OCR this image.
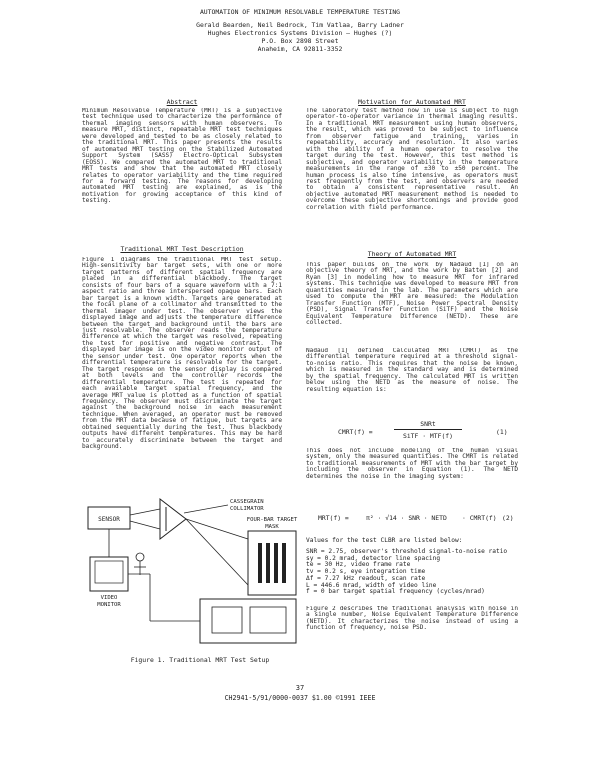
AUTOMATION OF MINIMUM RESOLVABLE TEMPERATURE TESTING
Gerald Bearden, Neil Bedrock, Tim Vatlaa, Barry Ladner
Hughes Electronics Systems Division – Hughes (?)
P.O. Box 2898 Street
Anaheim, CA 92811-3352
Abstract
Minimum Resolvable Temperature (MRT) is a subjective test technique used to characterize the performance of thermal imaging sensors with human observers. To measure MRT, distinct, repeatable MRT test techniques were developed and tested to be as closely related to the traditional MRT. This paper presents the results of automated MRT testing on the Stabilized Automated Support System (SASS) Electro-Optical Subsystem (EOSS). We compared the automated MRT to traditional MRT tests and show that the automated MRT closely relates to operator variability and the time required for a forward testing. The reasons for developing automated MRT testing are explained, as is the motivation for growing acceptance of this kind of testing.
Traditional MRT Test Description
Figure 1 diagrams the traditional MRT test setup. High-sensitivity bar target sets, with one or more target patterns of different spatial frequency are placed in a differential blackbody. The target consists of four bars of a square waveform with a 7:1 aspect ratio and three interspersed opaque bars. Each bar target is a known width. Targets are generated at the focal plane of a collimator and transmitted to the thermal imager under test. The observer views the displayed image and adjusts the temperature difference between the target and background until the bars are just resolvable. The observer reads the temperature difference at which the target was resolved, repeating the test for positive and negative contrast. The displayed bar image is on the video monitor output of the sensor under test. One operator reports when the differential temperature is resolvable for the target. The target response on the sensor display is compared at both levels and the controller records the differential temperature. The test is repeated for each available target spatial frequency, and the average MRT value is plotted as a function of spatial frequency. The observer must discriminate the target against the background noise in each measurement technique. When averaged, an operator must be removed from the MRT data because of fatigue, but targets are obtained sequentially during the test. Thus blackbody outputs have different temperatures. This may be hard to accurately discriminate between the target and background.
SENSOR
CASSEGRAIN
COLLIMATOR
FOUR-BAR TARGET
MASK
VIDEO
MONITOR
Figure 1. Traditional MRT Test Setup
Motivation for Automated MRT
The laboratory test method now in use is subject to high operator-to-operator variance in thermal imaging results. In a traditional MRT measurement using human observers, the result, which was proved to be subject to influence from observer fatigue and training, varies in repeatability, accuracy and resolution. It also varies with the ability of a human operator to resolve the target during the test. However, this test method is subjective, and operator variability in the temperature measurements in the range of ±30 to ±50 percent. The human process is also time intensive, as operators must rest frequently from the test, and observers are needed to obtain a consistent representative result. An objective automated MRT measurement method is needed to overcome these subjective shortcomings and provide good correlation with field performance.
Theory of Automated MRT
This paper builds on the work by Nadaud [1] on an objective theory of MRT, and the work by Batten [2] and Ryan [3] in modeling how to measure MRT for infrared systems. This technique was developed to measure MRT from quantities measured in the lab. The parameters which are used to compute the MRT are measured: the Modulation Transfer Function (MTF), Noise Power Spectral Density (PSD), Signal Transfer Function (SiTF) and the Noise Equivalent Temperature Difference (NETD). These are collected.
Nadaud [1] defined Calculated MRT (CMRT) as the differential temperature required at a threshold signal-to-noise ratio. This requires that the noise be known, which is measured in the standard way and is determined by the spatial frequency. The calculated MRT is written below using the NETD as the measure of noise. The resulting equation is:
CMRT(f) =
SNRt
SiTF · MTF(f)	(1)
This does not include modeling of the human visual system, only the measured quantities. The CMRT is related to traditional measurements of MRT with the bar target by including the observer in Equation (1). The NETD determines the noise in the imaging system:
MRT(f) =	π² · √14 · SNR · NETD · CMRT(f) (2)
Values for the test CLBR are listed below:
SNR = 2.75, observer's threshold signal-to-noise ratio
sy = 0.2 mrad, detector line spacing
te = 30 Hz, video frame rate
tv = 0.2 s, eye integration time
Δf = 7.27 kHz readout, scan rate
L = 446.6 mrad, width of video line
f = 0 bar target spatial frequency (cycles/mrad)
Figure 2 describes the traditional analysis with noise in a single number, Noise Equivalent Temperature Difference (NETD). It characterizes the noise instead of using a function of frequency, noise PSD.
37
CH2941-5/91/0000-0037 $1.00 ©1991 IEEE
